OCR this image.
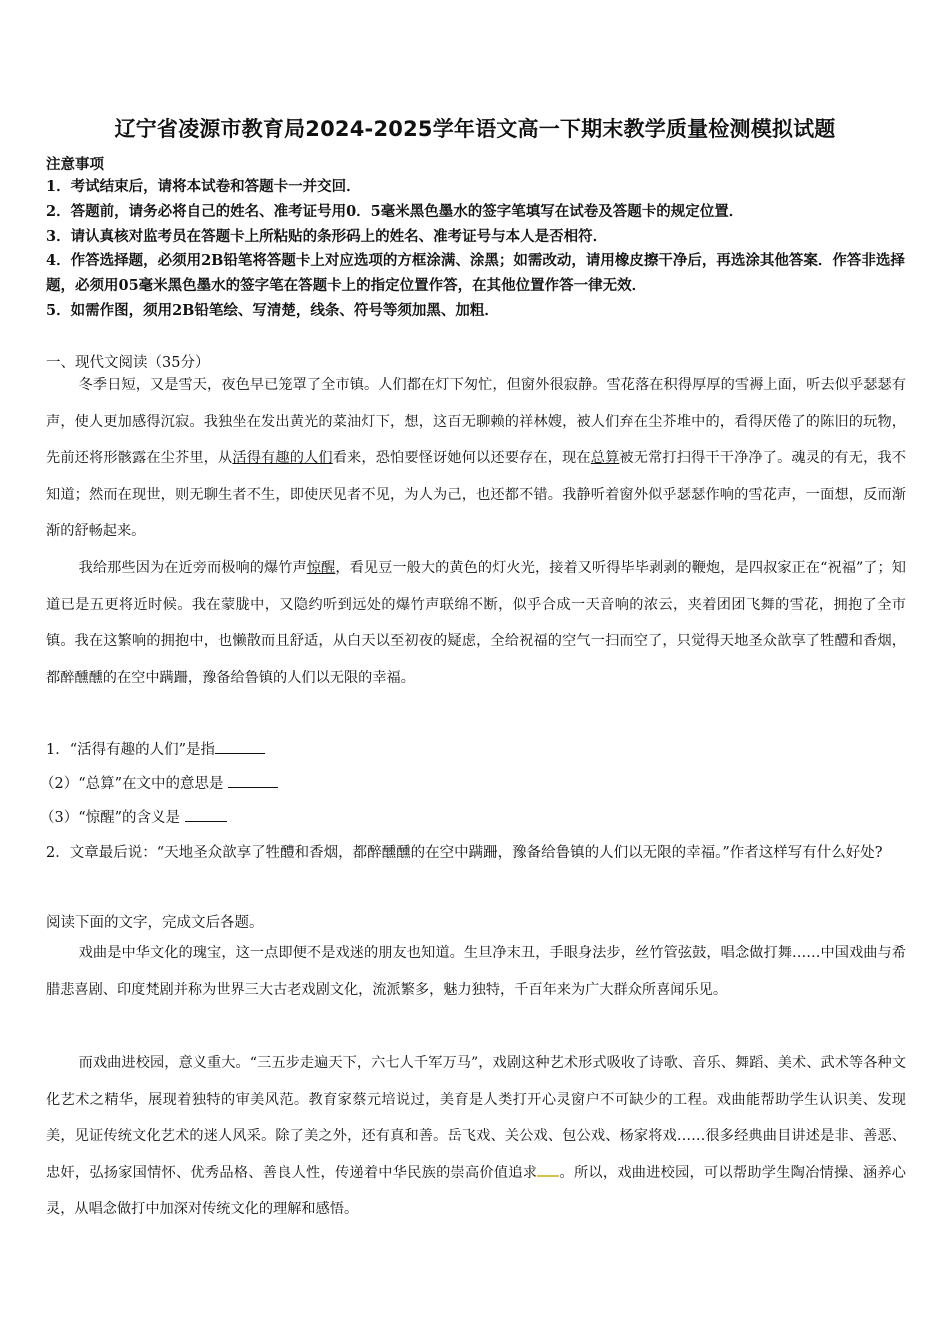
辽宁省凌源市教育局2024-2025学年语文高一下期末教学质量检测模拟试题

注意事项

1．考试结束后，请将本试卷和答题卡一并交回．
2．答题前，请务必将自己的姓名、准考证号用0．5毫米黑色墨水的签字笔填写在试卷及答题卡的规定位置．
3．请认真核对监考员在答题卡上所粘贴的条形码上的姓名、准考证号与本人是否相符．
4．作答选择题，必须用2B铅笔将答题卡上对应选项的方框涂满、涂黑；如需改动，请用橡皮擦干净后，再选涂其他答案．作答非选择题，必须用05毫米黑色墨水的签字笔在答题卡上的指定位置作答，在其他位置作答一律无效．
5．如需作图，须用2B铅笔绘、写清楚，线条、符号等须加黑、加粗．

一、现代文阅读（35分）

冬季日短，又是雪天，夜色早已笼罩了全市镇。人们都在灯下匆忙，但窗外很寂静。雪花落在积得厚厚的雪褥上面，听去似乎瑟瑟有声，使人更加感得沉寂。我独坐在发出黄光的菜油灯下，想，这百无聊赖的祥林嫂，被人们弃在尘芥堆中的，看得厌倦了的陈旧的玩物，先前还将形骸露在尘芥里，从活得有趣的人们看来，恐怕要怪讶她何以还要存在，现在总算被无常打扫得干干净净了。魂灵的有无，我不知道；然而在现世，则无聊生者不生，即使厌见者不见，为人为己，也还都不错。我静听着窗外似乎瑟瑟作响的雪花声，一面想，反而渐渐的舒畅起来。

我给那些因为在近旁而极响的爆竹声惊醒，看见豆一般大的黄色的灯火光，接着又听得毕毕剥剥的鞭炮，是四叔家正在“祝福”了；知道已是五更将近时候。我在蒙胧中，又隐约听到远处的爆竹声联绵不断，似乎合成一天音响的浓云，夹着团团飞舞的雪花，拥抱了全市镇。我在这繁响的拥抱中，也懒散而且舒适，从白天以至初夜的疑虑，全给祝福的空气一扫而空了，只觉得天地圣众歆享了牲醴和香烟，都醉醺醺的在空中蹒跚，豫备给鲁镇的人们以无限的幸福。

1．“活得有趣的人们”是指

（2）“总算”在文中的意思是

（3）“惊醒”的含义是

2．文章最后说：“天地圣众歆享了牲醴和香烟，都醉醺醺的在空中蹒跚，豫备给鲁镇的人们以无限的幸福。”作者这样写有什么好处?

阅读下面的文字，完成文后各题。

戏曲是中华文化的瑰宝，这一点即便不是戏迷的朋友也知道。生旦净末丑，手眼身法步，丝竹管弦鼓，唱念做打舞……中国戏曲与希腊悲喜剧、印度梵剧并称为世界三大古老戏剧文化，流派繁多，魅力独特，千百年来为广大群众所喜闻乐见。

而戏曲进校园，意义重大。“三五步走遍天下，六七人千军万马”，戏剧这种艺术形式吸收了诗歌、音乐、舞蹈、美术、武术等各种文化艺术之精华，展现着独特的审美风范。教育家蔡元培说过，美育是人类打开心灵窗户不可缺少的工程。戏曲能帮助学生认识美、发现美，见证传统文化艺术的迷人风采。除了美之外，还有真和善。岳飞戏、关公戏、包公戏、杨家将戏……很多经典曲目讲述是非、善恶、忠奸，弘扬家国情怀、优秀品格、善良人性，传递着中华民族的崇高价值追求 。所以，戏曲进校园，可以帮助学生陶冶情操、涵养心灵，从唱念做打中加深对传统文化的理解和感悟。
